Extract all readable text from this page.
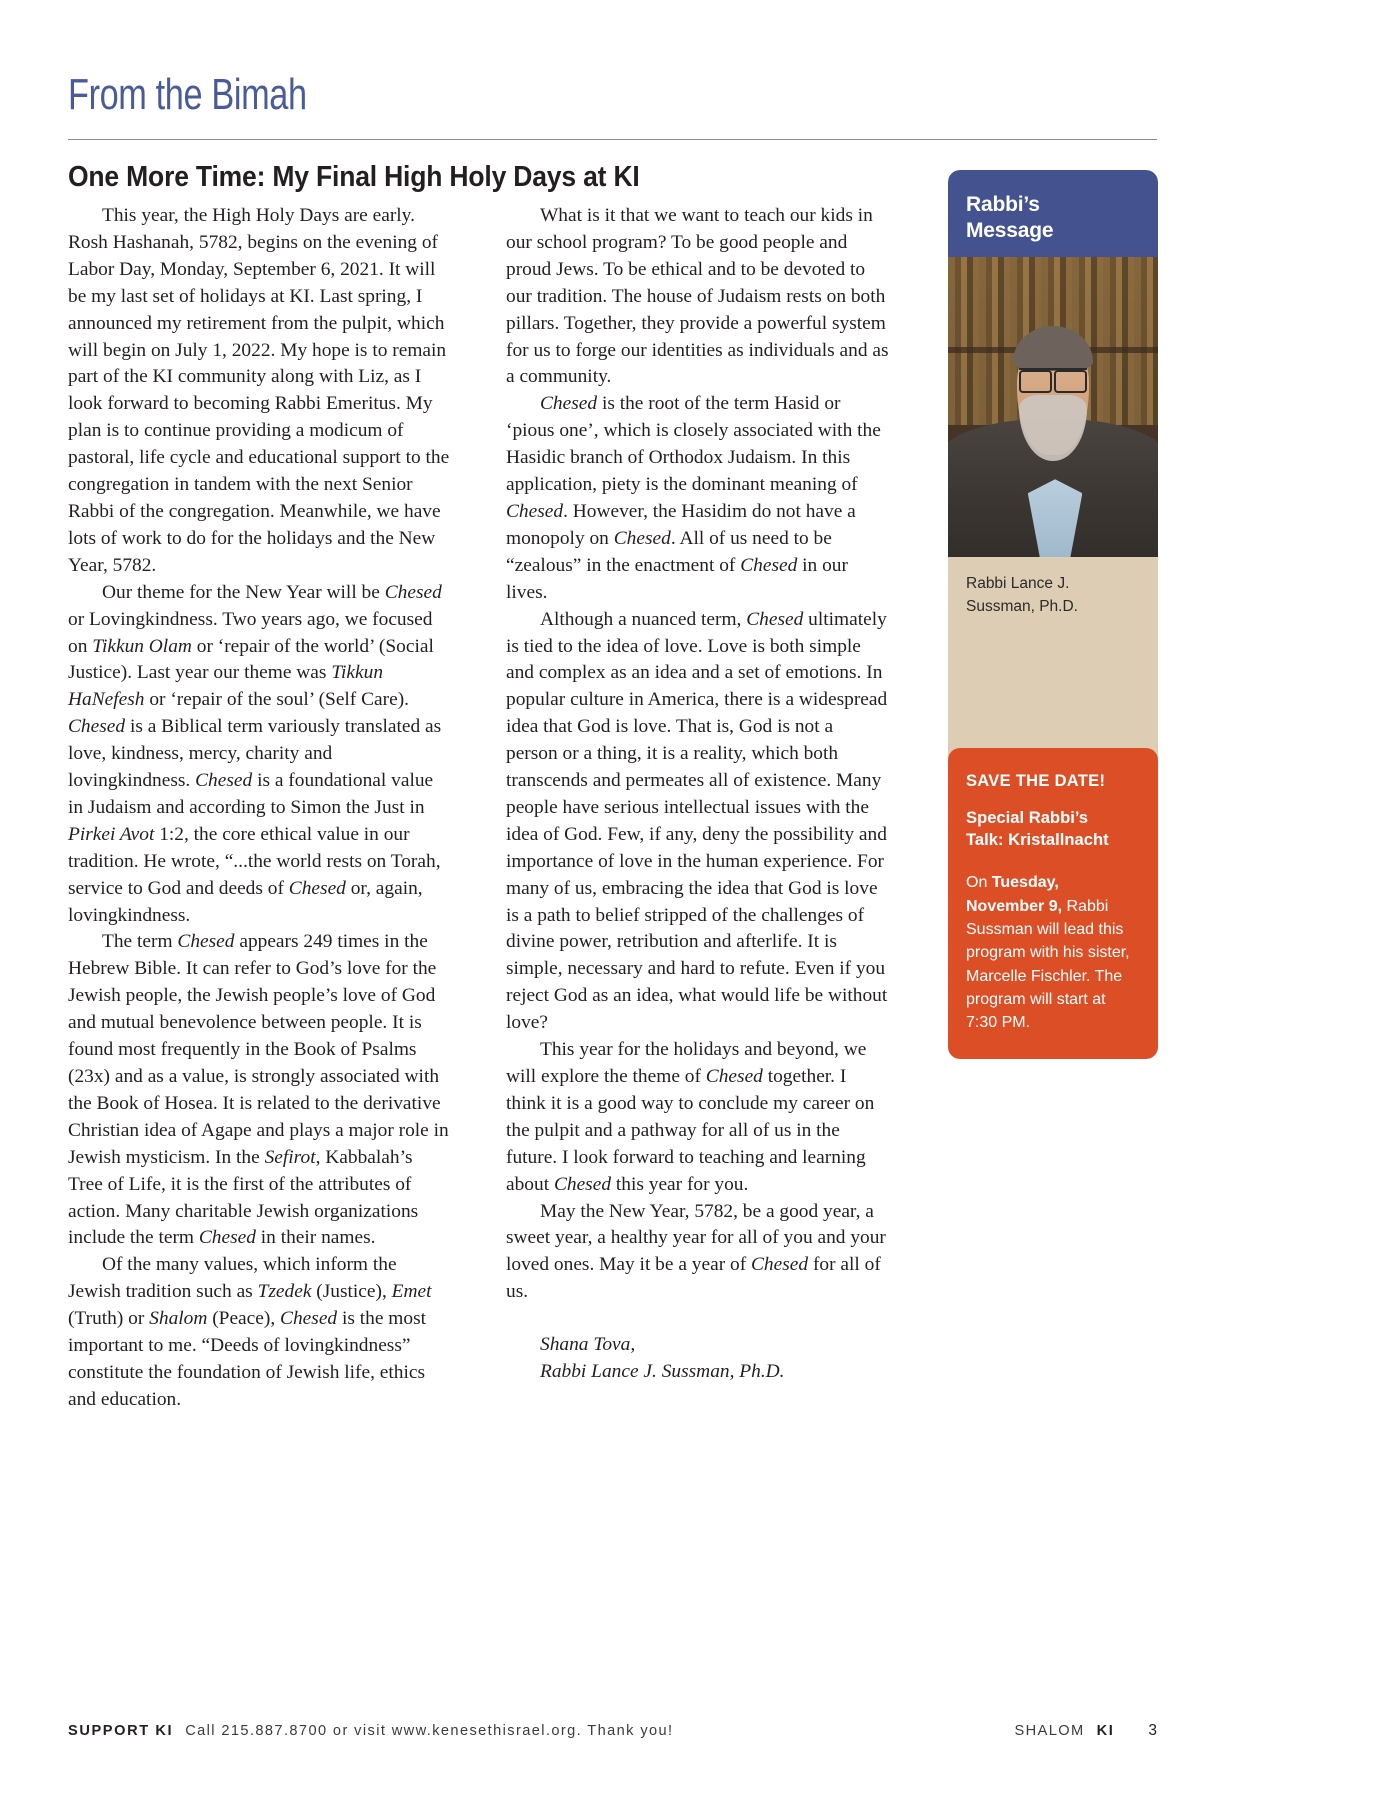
From the Bimah
One More Time: My Final High Holy Days at KI

This year, the High Holy Days are early. Rosh Hashanah, 5782, begins on the evening of Labor Day, Monday, September 6, 2021. It will be my last set of holidays at KI. Last spring, I announced my retirement from the pulpit, which will begin on July 1, 2022. My hope is to remain part of the KI community along with Liz, as I look forward to becoming Rabbi Emeritus. My plan is to continue providing a modicum of pastoral, life cycle and educational support to the congregation in tandem with the next Senior Rabbi of the congregation. Meanwhile, we have lots of work to do for the holidays and the New Year, 5782.

Our theme for the New Year will be Chesed or Lovingkindness. Two years ago, we focused on Tikkun Olam or ‘repair of the world’ (Social Justice). Last year our theme was Tikkun HaNefesh or ‘repair of the soul’ (Self Care). Chesed is a Biblical term variously translated as love, kindness, mercy, charity and lovingkindness. Chesed is a foundational value in Judaism and according to Simon the Just in Pirkei Avot 1:2, the core ethical value in our tradition. He wrote, “...the world rests on Torah, service to God and deeds of Chesed or, again, lovingkindness.

The term Chesed appears 249 times in the Hebrew Bible. It can refer to God’s love for the Jewish people, the Jewish people’s love of God and mutual benevolence between people. It is found most frequently in the Book of Psalms (23x) and as a value, is strongly associated with the Book of Hosea. It is related to the derivative Christian idea of Agape and plays a major role in Jewish mysticism. In the Sefirot, Kabbalah’s Tree of Life, it is the first of the attributes of action. Many charitable Jewish organizations include the term Chesed in their names.

Of the many values, which inform the Jewish tradition such as Tzedek (Justice), Emet (Truth) or Shalom (Peace), Chesed is the most important to me. “Deeds of lovingkindness” constitute the foundation of Jewish life, ethics and education.

What is it that we want to teach our kids in our school program? To be good people and proud Jews. To be ethical and to be devoted to our tradition. The house of Judaism rests on both pillars. Together, they provide a powerful system for us to forge our identities as individuals and as a community.

Chesed is the root of the term Hasid or ‘pious one’, which is closely associated with the Hasidic branch of Orthodox Judaism. In this application, piety is the dominant meaning of Chesed. However, the Hasidim do not have a monopoly on Chesed. All of us need to be “zealous” in the enactment of Chesed in our lives.

Although a nuanced term, Chesed ultimately is tied to the idea of love. Love is both simple and complex as an idea and a set of emotions. In popular culture in America, there is a widespread idea that God is love. That is, God is not a person or a thing, it is a reality, which both transcends and permeates all of existence. Many people have serious intellectual issues with the idea of God. Few, if any, deny the possibility and importance of love in the human experience. For many of us, embracing the idea that God is love is a path to belief stripped of the challenges of divine power, retribution and afterlife. It is simple, necessary and hard to refute. Even if you reject God as an idea, what would life be without love?

This year for the holidays and beyond, we will explore the theme of Chesed together. I think it is a good way to conclude my career on the pulpit and a pathway for all of us in the future. I look forward to teaching and learning about Chesed this year for you.

May the New Year, 5782, be a good year, a sweet year, a healthy year for all of you and your loved ones. May it be a year of Chesed for all of us.

Shana Tova,

Rabbi Lance J. Sussman, Ph.D.

Rabbi’s
Message
Rabbi Lance J.
Sussman, Ph.D.
SAVE THE DATE!
Special Rabbi’s
Talk: Kristallnacht
On Tuesday, November 9, Rabbi Sussman will lead this program with his sister, Marcelle Fischler. The program will start at 7:30 PM.
SUPPORT KI Call 215.887.8700 or visit www.kenesethisrael.org. Thank you!	SHALOM KI 3
